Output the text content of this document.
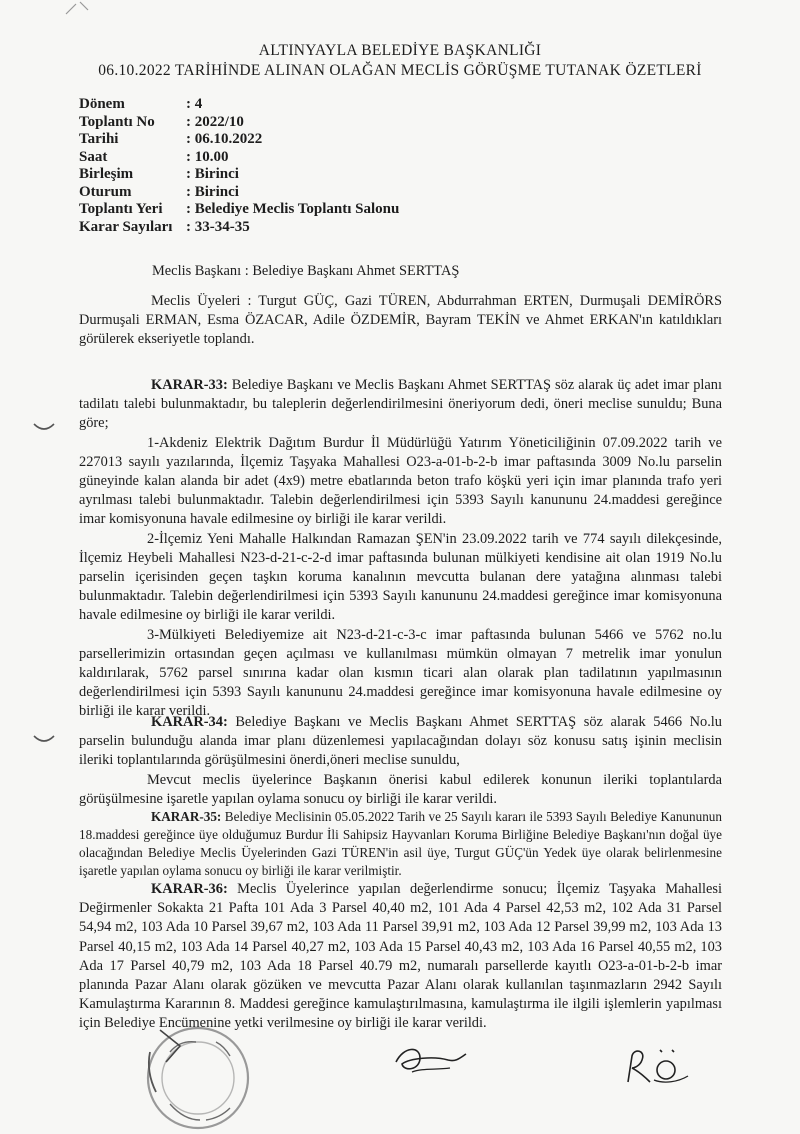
ALTINYAYLA BELEDİYE BAŞKANLIĞI
06.10.2022 TARİHİNDE ALINAN OLAĞAN MECLİS GÖRÜŞME TUTANAK ÖZETLERİ
Dönem	: 4
Toplantı No : 2022/10
Tarihi	: 06.10.2022
Saat	: 10.00
Birleşim	: Birinci
Oturum	: Birinci
Toplantı Yeri : Belediye Meclis Toplantı Salonu
Karar Sayıları : 33-34-35
Meclis Başkanı : Belediye Başkanı Ahmet SERTTAŞ

Meclis Üyeleri : Turgut GÜÇ, Gazi TÜREN, Abdurrahman ERTEN, Durmuşali DEMİRÖRS Durmuşali ERMAN, Esma ÖZACAR, Adile ÖZDEMİR, Bayram TEKİN ve Ahmet ERKAN'ın katıldıkları görülerek ekseriyetle toplandı.

KARAR-33: Belediye Başkanı ve Meclis Başkanı Ahmet SERTTAŞ söz alarak üç adet imar planı tadilatı talebi bulunmaktadır, bu taleplerin değerlendirilmesini öneriyorum dedi, öneri meclise sunuldu; Buna göre;

1-Akdeniz Elektrik Dağıtım Burdur İl Müdürlüğü Yatırım Yöneticiliğinin 07.09.2022 tarih ve 227013 sayılı yazılarında, İlçemiz Taşyaka Mahallesi O23-a-01-b-2-b imar paftasında 3009 No.lu parselin güneyinde kalan alanda bir adet (4x9) metre ebatlarında beton trafo köşkü yeri için imar planında trafo yeri ayrılması talebi bulunmaktadır. Talebin değerlendirilmesi için 5393 Sayılı kanununu 24.maddesi gereğince imar komisyonuna havale edilmesine oy birliği ile karar verildi.

2-İlçemiz Yeni Mahalle Halkından Ramazan ŞEN'in 23.09.2022 tarih ve 774 sayılı dilekçesinde, İlçemiz Heybeli Mahallesi N23-d-21-c-2-d imar paftasında bulunan mülkiyeti kendisine ait olan 1919 No.lu parselin içerisinden geçen taşkın koruma kanalının mevcutta bulanan dere yatağına alınması talebi bulunmaktadır. Talebin değerlendirilmesi için 5393 Sayılı kanununu 24.maddesi gereğince imar komisyonuna havale edilmesine oy birliği ile karar verildi.

3-Mülkiyeti Belediyemize ait N23-d-21-c-3-c imar paftasında bulunan 5466 ve 5762 no.lu parsellerimizin ortasından geçen açılması ve kullanılması mümkün olmayan 7 metrelik imar yonulun kaldırılarak, 5762 parsel sınırına kadar olan kısmın ticari alan olarak plan tadilatının yapılmasının değerlendirilmesi için 5393 Sayılı kanununu 24.maddesi gereğince imar komisyonuna havale edilmesine oy birliği ile karar verildi.

KARAR-34: Belediye Başkanı ve Meclis Başkanı Ahmet SERTTAŞ söz alarak 5466 No.lu parselin bulunduğu alanda imar planı düzenlemesi yapılacağından dolayı söz konusu satış işinin meclisin ileriki toplantılarında görüşülmesini önerdi,öneri meclise sunuldu,

Mevcut meclis üyelerince Başkanın önerisi kabul edilerek konunun ileriki toplantılarda görüşülmesine işaretle yapılan oylama sonucu oy birliği ile karar verildi.

KARAR-35: Belediye Meclisinin 05.05.2022 Tarih ve 25 Sayılı kararı ile 5393 Sayılı Belediye Kanununun 18.maddesi gereğince üye olduğumuz Burdur İli Sahipsiz Hayvanları Koruma Birliğine Belediye Başkanı'nın doğal üye olacağından Belediye Meclis Üyelerinden Gazi TÜREN'in asil üye, Turgut GÜÇ'ün Yedek üye olarak belirlenmesine işaretle yapılan oylama sonucu oy birliği ile karar verilmiştir.

KARAR-36: Meclis Üyelerince yapılan değerlendirme sonucu; İlçemiz Taşyaka Mahallesi Değirmenler Sokakta 21 Pafta 101 Ada 3 Parsel 40,40 m2, 101 Ada 4 Parsel 42,53 m2, 102 Ada 31 Parsel 54,94 m2, 103 Ada 10 Parsel 39,67 m2, 103 Ada 11 Parsel 39,91 m2, 103 Ada 12 Parsel 39,99 m2, 103 Ada 13 Parsel 40,15 m2, 103 Ada 14 Parsel 40,27 m2, 103 Ada 15 Parsel 40,43 m2, 103 Ada 16 Parsel 40,55 m2, 103 Ada 17 Parsel 40,79 m2, 103 Ada 18 Parsel 40.79 m2, numaralı parsellerde kayıtlı O23-a-01-b-2-b imar planında Pazar Alanı olarak gözüken ve mevcutta Pazar Alanı olarak kullanılan taşınmazların 2942 Sayılı Kamulaştırma Kararının 8. Maddesi gereğince kamulaştırılmasına, kamulaştırma ile ilgili işlemlerin yapılması için Belediye Encümenine yetki verilmesine oy birliği ile karar verildi.
